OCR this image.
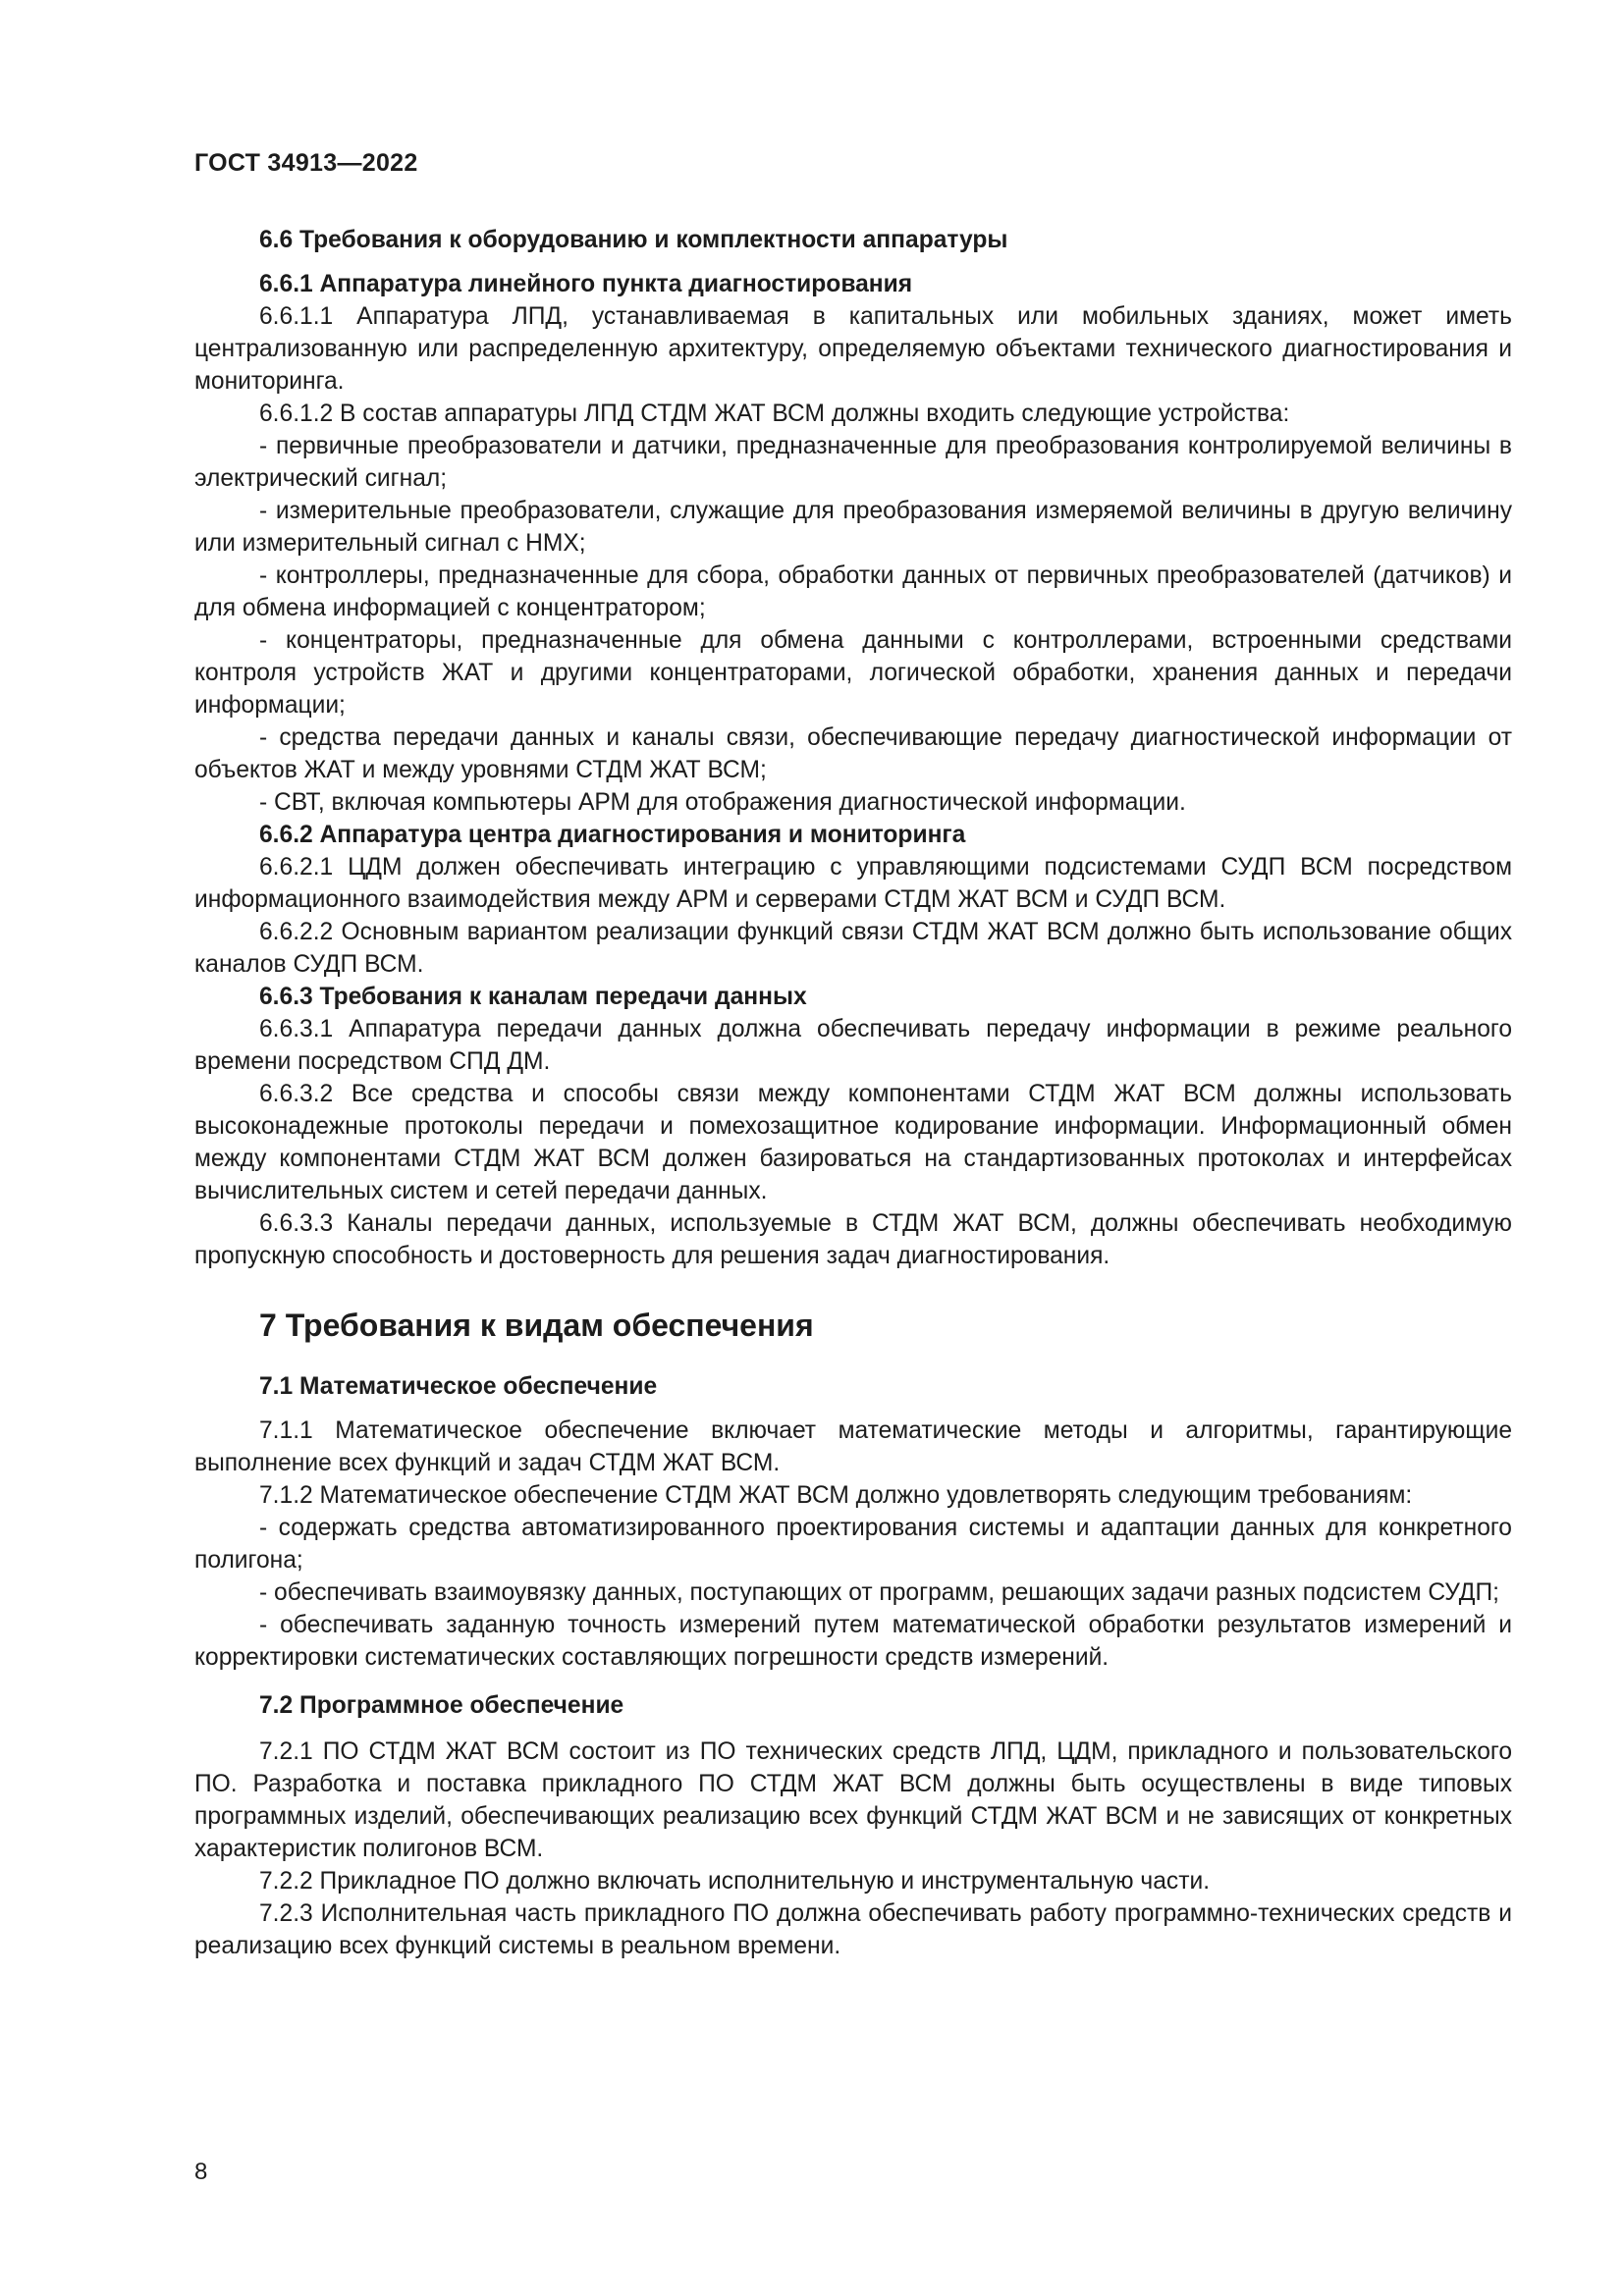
ГОСТ 34913—2022

6.6 Требования к оборудованию и комплектности аппаратуры

6.6.1 Аппаратура линейного пункта диагностирования

6.6.1.1 Аппаратура ЛПД, устанавливаемая в капитальных или мобильных зданиях, может иметь централизованную или распределенную архитектуру, определяемую объектами технического диагностирования и мониторинга.

6.6.1.2 В состав аппаратуры ЛПД СТДМ ЖАТ ВСМ должны входить следующие устройства:

- первичные преобразователи и датчики, предназначенные для преобразования контролируемой величины в электрический сигнал;

- измерительные преобразователи, служащие для преобразования измеряемой величины в другую величину или измерительный сигнал с НМХ;

- контроллеры, предназначенные для сбора, обработки данных от первичных преобразователей (датчиков) и для обмена информацией с концентратором;

- концентраторы, предназначенные для обмена данными с контроллерами, встроенными средствами контроля устройств ЖАТ и другими концентраторами, логической обработки, хранения данных и передачи информации;

- средства передачи данных и каналы связи, обеспечивающие передачу диагностической информации от объектов ЖАТ и между уровнями СТДМ ЖАТ ВСМ;

- СВТ, включая компьютеры АРМ для отображения диагностической информации.

6.6.2 Аппаратура центра диагностирования и мониторинга

6.6.2.1 ЦДМ должен обеспечивать интеграцию с управляющими подсистемами СУДП ВСМ посредством информационного взаимодействия между АРМ и серверами СТДМ ЖАТ ВСМ и СУДП ВСМ.

6.6.2.2 Основным вариантом реализации функций связи СТДМ ЖАТ ВСМ должно быть использование общих каналов СУДП ВСМ.

6.6.3 Требования к каналам передачи данных

6.6.3.1 Аппаратура передачи данных должна обеспечивать передачу информации в режиме реального времени посредством СПД ДМ.

6.6.3.2 Все средства и способы связи между компонентами СТДМ ЖАТ ВСМ должны использовать высоконадежные протоколы передачи и помехозащитное кодирование информации. Информационный обмен между компонентами СТДМ ЖАТ ВСМ должен базироваться на стандартизованных протоколах и интерфейсах вычислительных систем и сетей передачи данных.

6.6.3.3 Каналы передачи данных, используемые в СТДМ ЖАТ ВСМ, должны обеспечивать необходимую пропускную способность и достоверность для решения задач диагностирования.

7 Требования к видам обеспечения

7.1 Математическое обеспечение

7.1.1 Математическое обеспечение включает математические методы и алгоритмы, гарантирующие выполнение всех функций и задач СТДМ ЖАТ ВСМ.

7.1.2 Математическое обеспечение СТДМ ЖАТ ВСМ должно удовлетворять следующим требованиям:

- содержать средства автоматизированного проектирования системы и адаптации данных для конкретного полигона;

- обеспечивать взаимоувязку данных, поступающих от программ, решающих задачи разных подсистем СУДП;

- обеспечивать заданную точность измерений путем математической обработки результатов измерений и корректировки систематических составляющих погрешности средств измерений.

7.2 Программное обеспечение

7.2.1 ПО СТДМ ЖАТ ВСМ состоит из ПО технических средств ЛПД, ЦДМ, прикладного и пользовательского ПО. Разработка и поставка прикладного ПО СТДМ ЖАТ ВСМ должны быть осуществлены в виде типовых программных изделий, обеспечивающих реализацию всех функций СТДМ ЖАТ ВСМ и не зависящих от конкретных характеристик полигонов ВСМ.

7.2.2 Прикладное ПО должно включать исполнительную и инструментальную части.

7.2.3 Исполнительная часть прикладного ПО должна обеспечивать работу программно-технических средств и реализацию всех функций системы в реальном времени.

8
